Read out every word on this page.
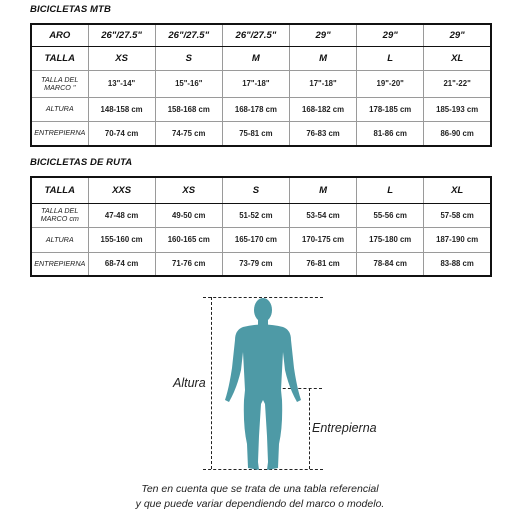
BICICLETAS MTB
ARO	26"/27.5"	26"/27.5"	26"/27.5"	29"	29"	29"
TALLA	XS	S	M	M	L	XL
TALLA DEL MARCO "	13"-14"	15"-16"	17"-18"	17"-18"	19"-20"	21"-22"
ALTURA	148-158 cm	158-168 cm	168-178 cm	168-182 cm	178-185 cm	185-193 cm
ENTREPIERNA	70-74 cm	74-75 cm	75-81 cm	76-83 cm	81-86 cm	86-90 cm
BICICLETAS DE RUTA
TALLA	XXS	XS	S	M	L	XL
TALLA DEL MARCO cm	47-48 cm	49-50 cm	51-52 cm	53-54 cm	55-56 cm	57-58 cm
ALTURA	155-160 cm	160-165 cm	165-170 cm	170-175 cm	175-180 cm	187-190 cm
ENTREPIERNA	68-74 cm	71-76 cm	73-79 cm	76-81 cm	78-84 cm	83-88 cm
Altura
Entrepierna
Ten en cuenta que se trata de una tabla referencial
y que puede variar dependiendo del marco o modelo.
